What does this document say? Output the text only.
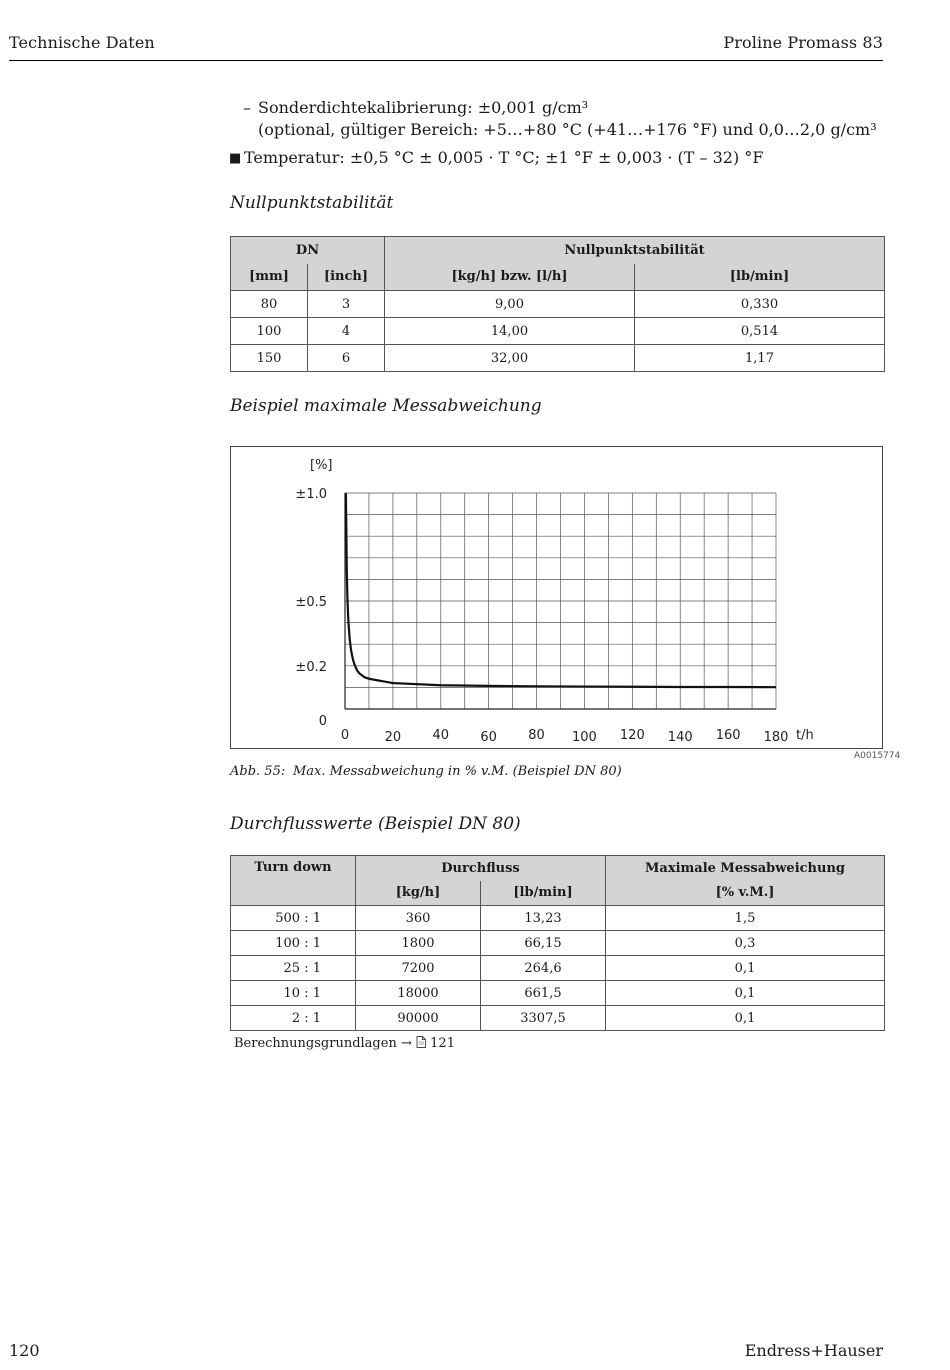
Technische Daten	Proline Promass 83
– Sonderdichtekalibrierung: ±0,001 g/cm³
(optional, gültiger Bereich: +5…+80 °C (+41…+176 °F) und 0,0…2,0 g/cm³
■ Temperatur: ±0,5 °C ± 0,005 · T °C; ±1 °F ± 0,003 · (T – 32) °F
Nullpunktstabilität
DN		Nullpunktstabilität	
[mm]	[inch]	[kg/h] bzw. [l/h]	[lb/min]
80	3	9,00	0,330
100	4	14,00	0,514
150	6	32,00	1,17
Beispiel maximale Messabweichung
[%]
t/h
0	20 40 60 80 100 120 140 160 180
0
±0.2
±0.5
±1.0
A0015774
Abb. 55: Max. Messabweichung in % v.M. (Beispiel DN 80)
Durchflusswerte (Beispiel DN 80)
Turn down	Durchfluss		Maximale Messabweichung
	[kg/h]	[lb/min]	[% v.M.]
500 : 1	360	13,23	1,5
100 : 1	1800	66,15	0,3
25 : 1	7200	264,6	0,1
10 : 1	18000	661,5	0,1
2 : 1	90000	3307,5	0,1
Berechnungsgrundlagen → 121
120	Endress+Hauser
